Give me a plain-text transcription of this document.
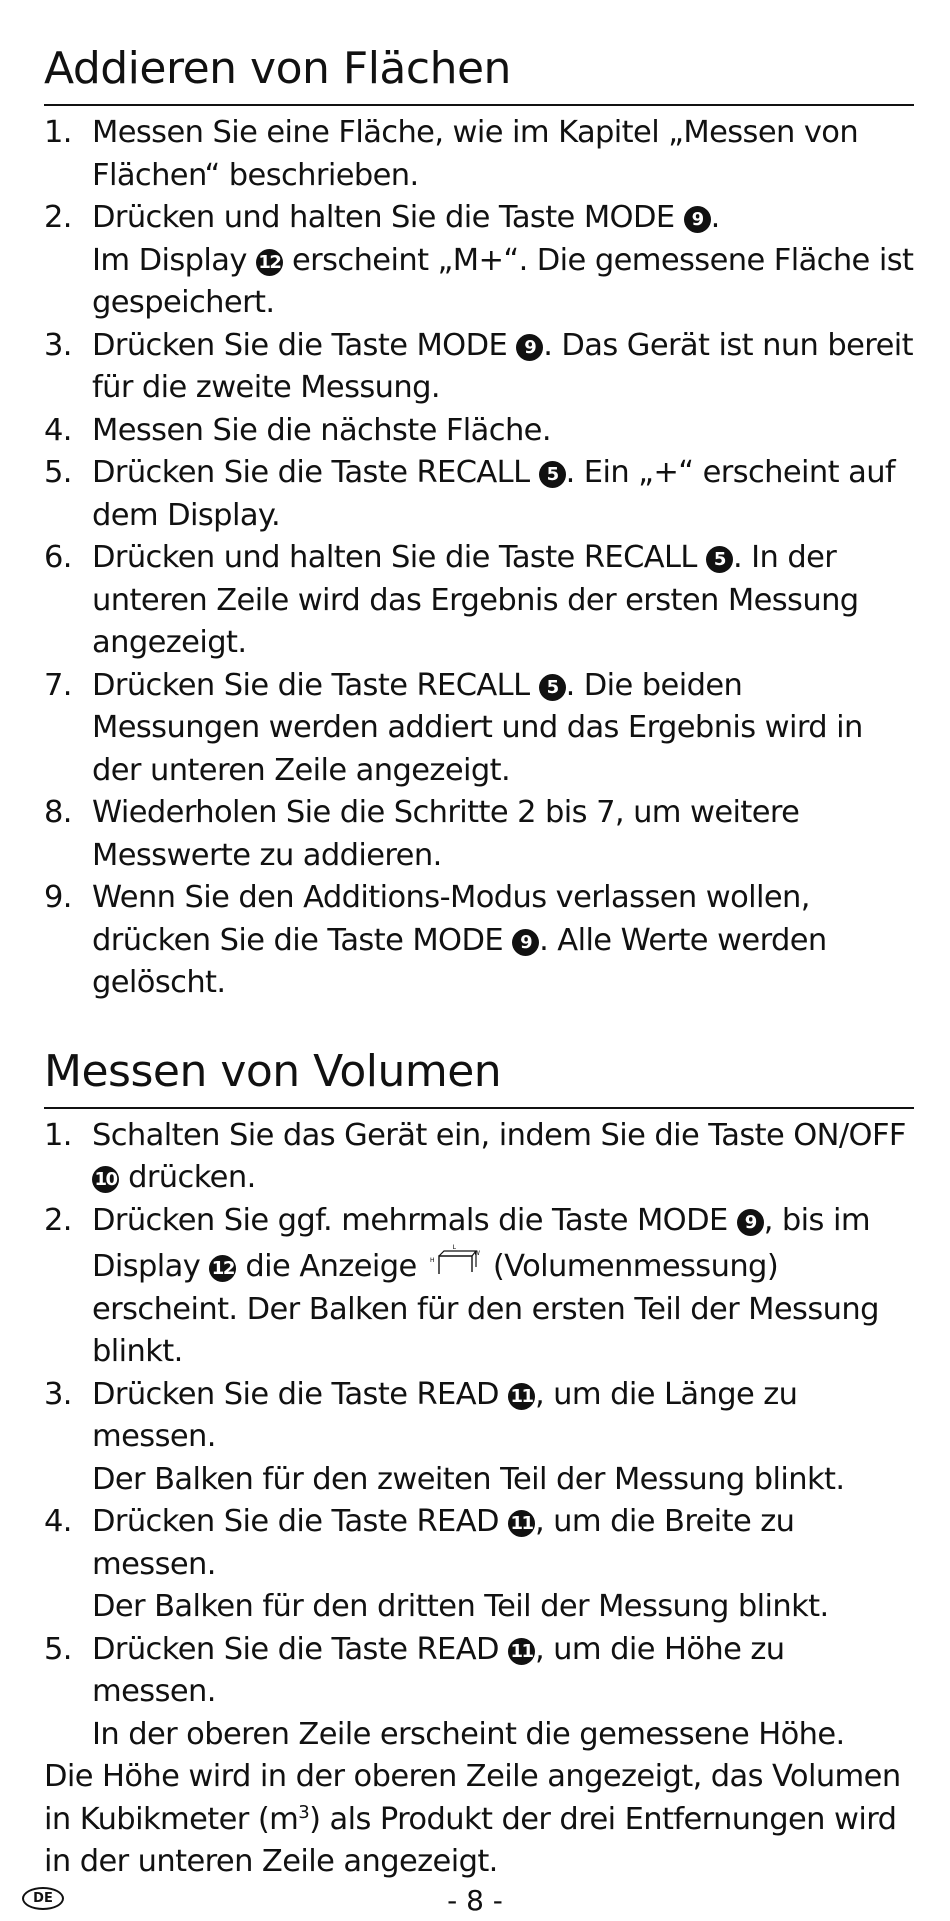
Addieren von Flächen
1. Messen Sie eine Fläche, wie im Kapitel „Messen von Flächen“ beschrieben.
2. Drücken und halten Sie die Taste MODE 9 .
Im Display 12 erscheint „M+“. Die gemessene Fläche ist gespeichert.
3. Drücken Sie die Taste MODE 9 . Das Gerät ist nun bereit für die zweite Messung.
4. Messen Sie die nächste Fläche.
5. Drücken Sie die Taste RECALL 5 . Ein „+“ erscheint auf dem Display.
6. Drücken und halten Sie die Taste RECALL 5 . In der unteren Zeile wird das Ergebnis der ersten Messung angezeigt.
7. Drücken Sie die Taste RECALL 5 . Die beiden Messungen werden addiert und das Ergebnis wird in der unteren Zeile angezeigt.
8. Wiederholen Sie die Schritte 2 bis 7, um weitere Messwerte zu addieren.
9. Wenn Sie den Additions-Modus verlassen wollen, drücken Sie die Taste MODE 9 . Alle Werte werden gelöscht.
Messen von Volumen
1. Schalten Sie das Gerät ein, indem Sie die Taste ON/OFF 10 drücken.
2. Drücken Sie ggf. mehrmals die Taste MODE 9 , bis im Display 12 die Anzeige
L
W
H (Volumenmessung) erscheint. Der Balken für den ersten Teil der Messung blinkt.
3. Drücken Sie die Taste READ 11, um die Länge zu messen.
Der Balken für den zweiten Teil der Messung blinkt.
4. Drücken Sie die Taste READ 11, um die Breite zu messen.
Der Balken für den dritten Teil der Messung blinkt.
5. Drücken Sie die Taste READ 11, um die Höhe zu messen.
In der oberen Zeile erscheint die gemessene Höhe.

Die Höhe wird in der oberen Zeile angezeigt, das Volumen in Kubikmeter $(m^3)$ als Produkt der drei Entfernungen wird in der unteren Zeile angezeigt.

DE	- 8 -
